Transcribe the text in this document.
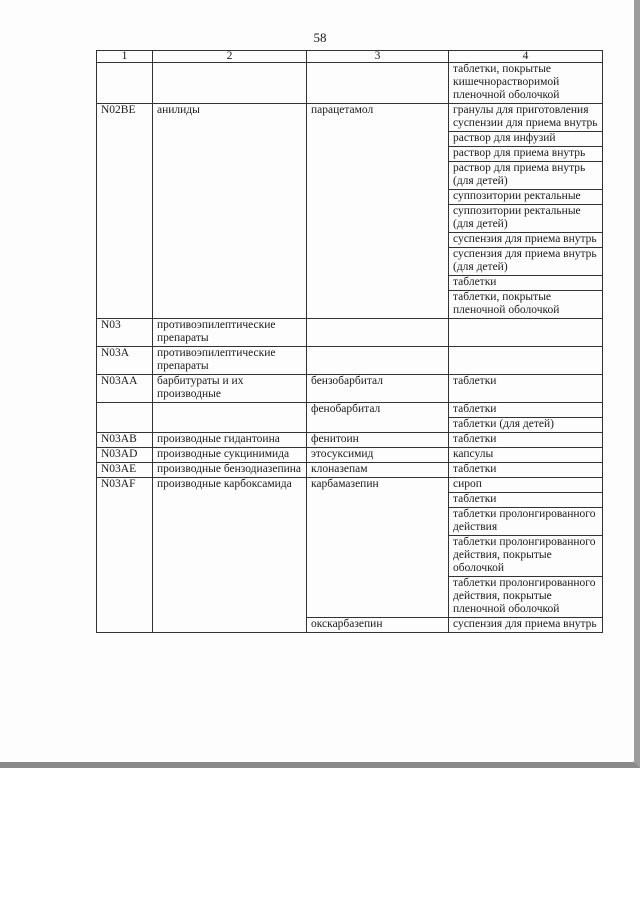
58
1	2	3	4
			таблетки, покрытые кишечнорастворимой пленочной оболочкой
N02BE	анилиды	парацетамол	гранулы для приготовления суспензии для приема внутрь
			раствор для инфузий
			раствор для приема внутрь
			раствор для приема внутрь (для детей)
			суппозитории ректальные
			суппозитории ректальные (для детей)
			суспензия для приема внутрь
			суспензия для приема внутрь (для детей)
			таблетки
			таблетки, покрытые пленочной оболочкой
N03	противоэпилептические препараты		
N03A	противоэпилептические препараты		
N03AA	барбитураты и их производные	бензобарбитал	таблетки
		фенобарбитал	таблетки
			таблетки (для детей)
N03AB	производные гидантоина	фенитоин	таблетки
N03AD	производные сукцинимида	этосуксимид	капсулы
N03AE	производные бензодиазепина	клоназепам	таблетки
N03AF	производные карбоксамида	карбамазепин	сироп
			таблетки
			таблетки пролонгированного действия
			таблетки пролонгированного действия, покрытые оболочкой
			таблетки пролонгированного действия, покрытые пленочной оболочкой
		окскарбазепин	суспензия для приема внутрь
